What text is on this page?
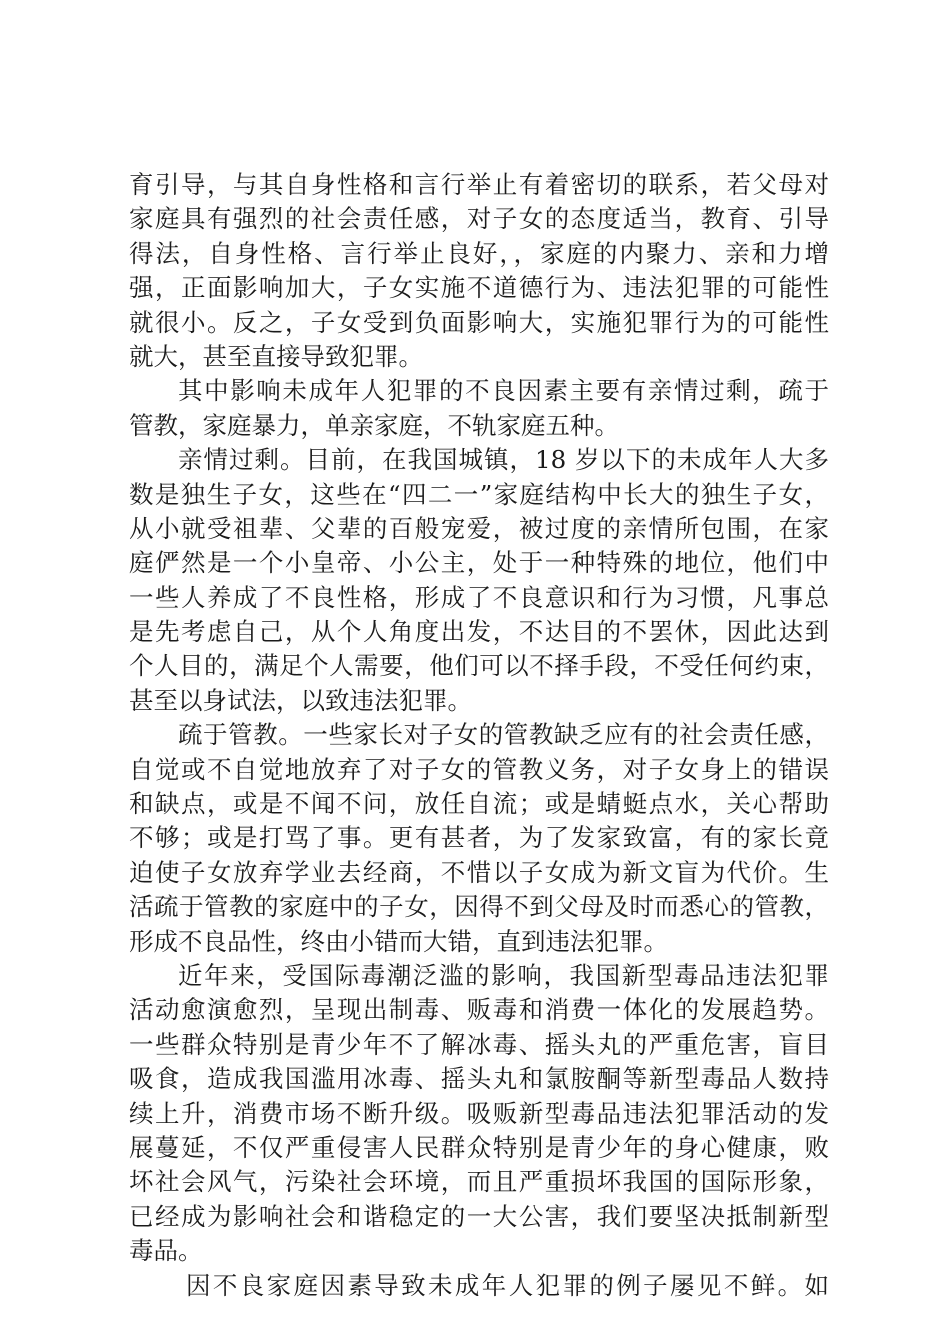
育引导，与其自身性格和言行举止有着密切的联系，若父母对
家庭具有强烈的社会责任感，对子女的态度适当，教育、引导
得法，自身性格、言行举止良好，，家庭的内聚力、亲和力增
强，正面影响加大，子女实施不道德行为、违法犯罪的可能性
就很小。反之，子女受到负面影响大，实施犯罪行为的可能性
就大，甚至直接导致犯罪。
其中影响未成年人犯罪的不良因素主要有亲情过剩，疏于
管教，家庭暴力，单亲家庭，不轨家庭五种。
亲情过剩。目前，在我国城镇，18 岁以下的未成年人大多
数是独生子女，这些在“四二一”家庭结构中长大的独生子女，
从小就受祖辈、父辈的百般宠爱，被过度的亲情所包围，在家
庭俨然是一个小皇帝、小公主，处于一种特殊的地位，他们中
一些人养成了不良性格，形成了不良意识和行为习惯，凡事总
是先考虑自己，从个人角度出发，不达目的不罢休，因此达到
个人目的，满足个人需要，他们可以不择手段，不受任何约束，
甚至以身试法，以致违法犯罪。
疏于管教。一些家长对子女的管教缺乏应有的社会责任感，
自觉或不自觉地放弃了对子女的管教义务，对子女身上的错误
和缺点，或是不闻不问，放任自流；或是蜻蜓点水，关心帮助
不够；或是打骂了事。更有甚者，为了发家致富，有的家长竟
迫使子女放弃学业去经商，不惜以子女成为新文盲为代价。生
活疏于管教的家庭中的子女，因得不到父母及时而悉心的管教，
形成不良品性，终由小错而大错，直到违法犯罪。
近年来，受国际毒潮泛滥的影响，我国新型毒品违法犯罪
活动愈演愈烈，呈现出制毒、贩毒和消费一体化的发展趋势。
一些群众特别是青少年不了解冰毒、摇头丸的严重危害，盲目
吸食，造成我国滥用冰毒、摇头丸和氯胺酮等新型毒品人数持
续上升，消费市场不断升级。吸贩新型毒品违法犯罪活动的发
展蔓延，不仅严重侵害人民群众特别是青少年的身心健康，败
坏社会风气，污染社会环境，而且严重损坏我国的国际形象，
已经成为影响社会和谐稳定的一大公害，我们要坚决抵制新型
毒品。
因不良家庭因素导致未成年人犯罪的例子屡见不鲜。如
